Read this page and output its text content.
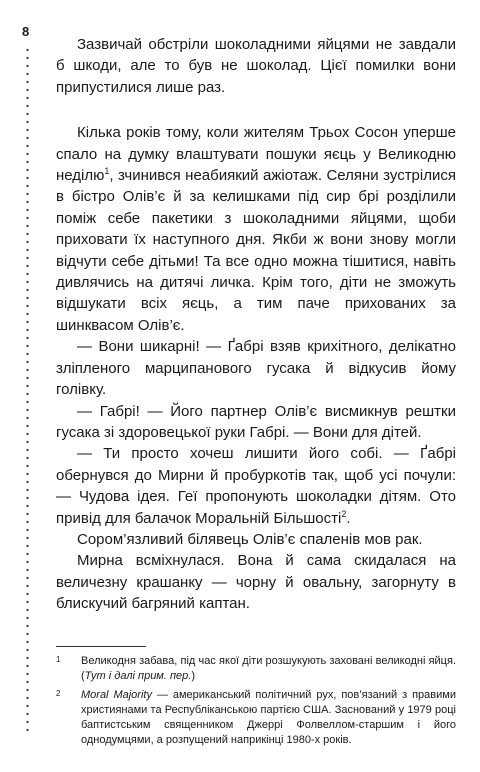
8

Зазвичай обстріли шоколадними яйцями не завдали б шкоди, але то був не шоколад. Цієї помилки вони припустилися лише раз.

Кілька років тому, коли жителям Трьох Сосон уперше спало на думку влаштувати пошуки яєць у Великодню неділю$^1$, зчинився неабиякий ажіотаж. Селяни зустрілися в бістро Олів’є й за келишками під сир брі розділили поміж себе пакетики з шоколадними яйцями, щоби приховати їх наступного дня. Якби ж вони знову могли відчути себе дітьми! Та все одно можна тішитися, навіть дивлячись на дитячі личка. Крім того, діти не зможуть відшукати всіх яєць, а тим паче прихованих за шинквасом Олів’є.

— Вони шикарні! — Ґабрі взяв крихітного, делікатно зліпленого марципанового гусака й відкусив йому голівку.

— Габрі! — Його партнер Олів’є висмикнув рештки гусака зі здоровецької руки Габрі. — Вони для дітей.

— Ти просто хочеш лишити його собі. — Ґабрі обернувся до Мирни й пробуркотів так, щоб усі почули: — Чудова ідея. Геї пропонують шоколадки дітям. Ото привід для балачок Моральній Більшості$^2$.

Сором’язливий білявець Олів’є спаленів мов рак.

Мирна всміхнулася. Вона й сама скидалася на величезну крашанку — чорну й овальну, загорнуту в блискучий багряний каптан.

1 Великодня забава, під час якої діти розшукують заховані великодні яйця. (Тут і далі прим. пер.)
2 Moral Majority — американський політичний рух, пов’язаний з правими християнами та Республіканською партією США. Заснований у 1979 році баптистським священником Джеррі Фолвеллом-старшим і його однодумцями, а розпущений наприкінці 1980-х років.
